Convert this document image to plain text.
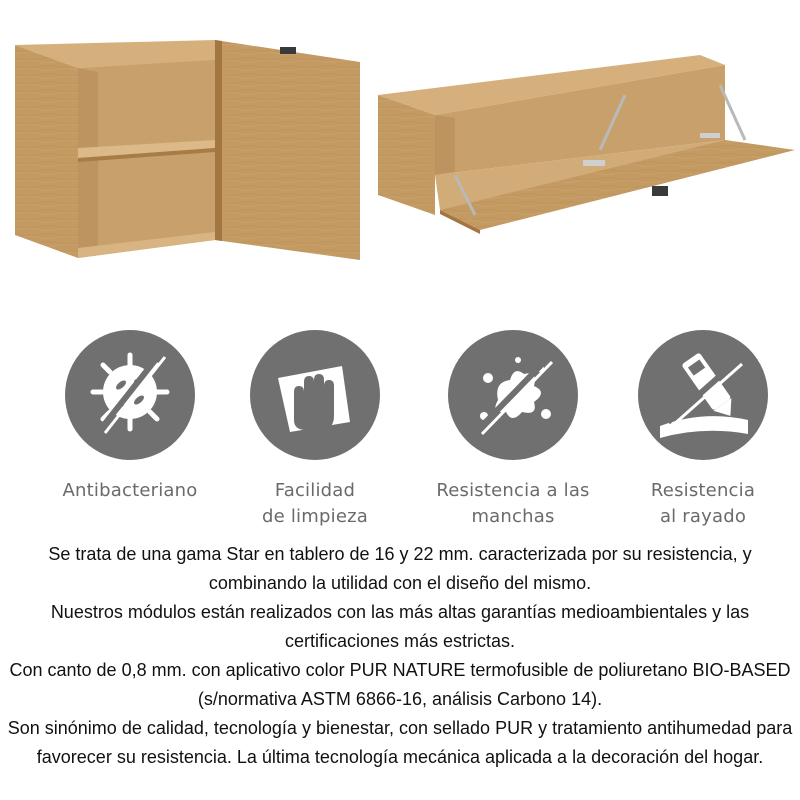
Antibacteriano	Facilidad
de limpieza
Resistencia a las
manchas
Resistencia
al rayado

Se trata de una gama Star en tablero de 16 y 22 mm. caracterizada por su resistencia, y combinando la utilidad con el diseño del mismo.

Nuestros módulos están realizados con las más altas garantías medioambientales y las certificaciones más estrictas.

Con canto de 0,8 mm. con aplicativo color PUR NATURE termofusible de poliuretano BIO-BASED (s/normativa ASTM 6866-16, análisis Carbono 14).

Son sinónimo de calidad, tecnología y bienestar, con sellado PUR y tratamiento antihumedad para favorecer su resistencia. La última tecnología mecánica aplicada a la decoración del hogar.
